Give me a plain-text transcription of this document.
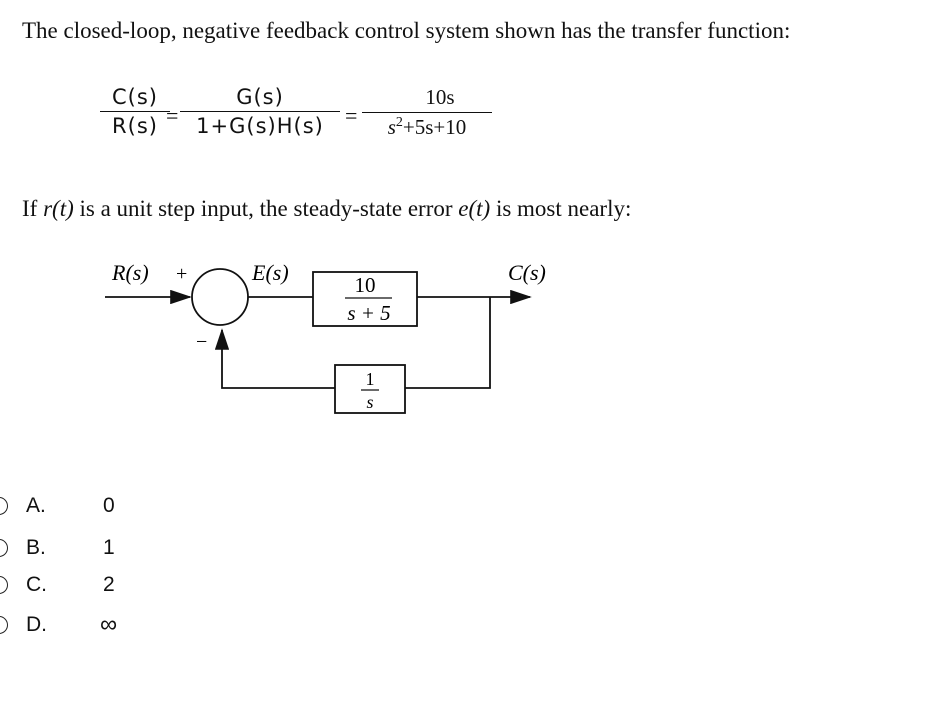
The closed-loop, negative feedback control system shown has the transfer function:
C(s)
R(s) =
G(s)
1+G(s)H(s) =
10s
$s^2+5s+10$
If r(t) is a unit step input, the steady-state error e(t) is most nearly:
R(s) +
−
E(s)	C(s)
10
s + 5
1
s
A.	0
B.	1
C.	2
D. ∞
